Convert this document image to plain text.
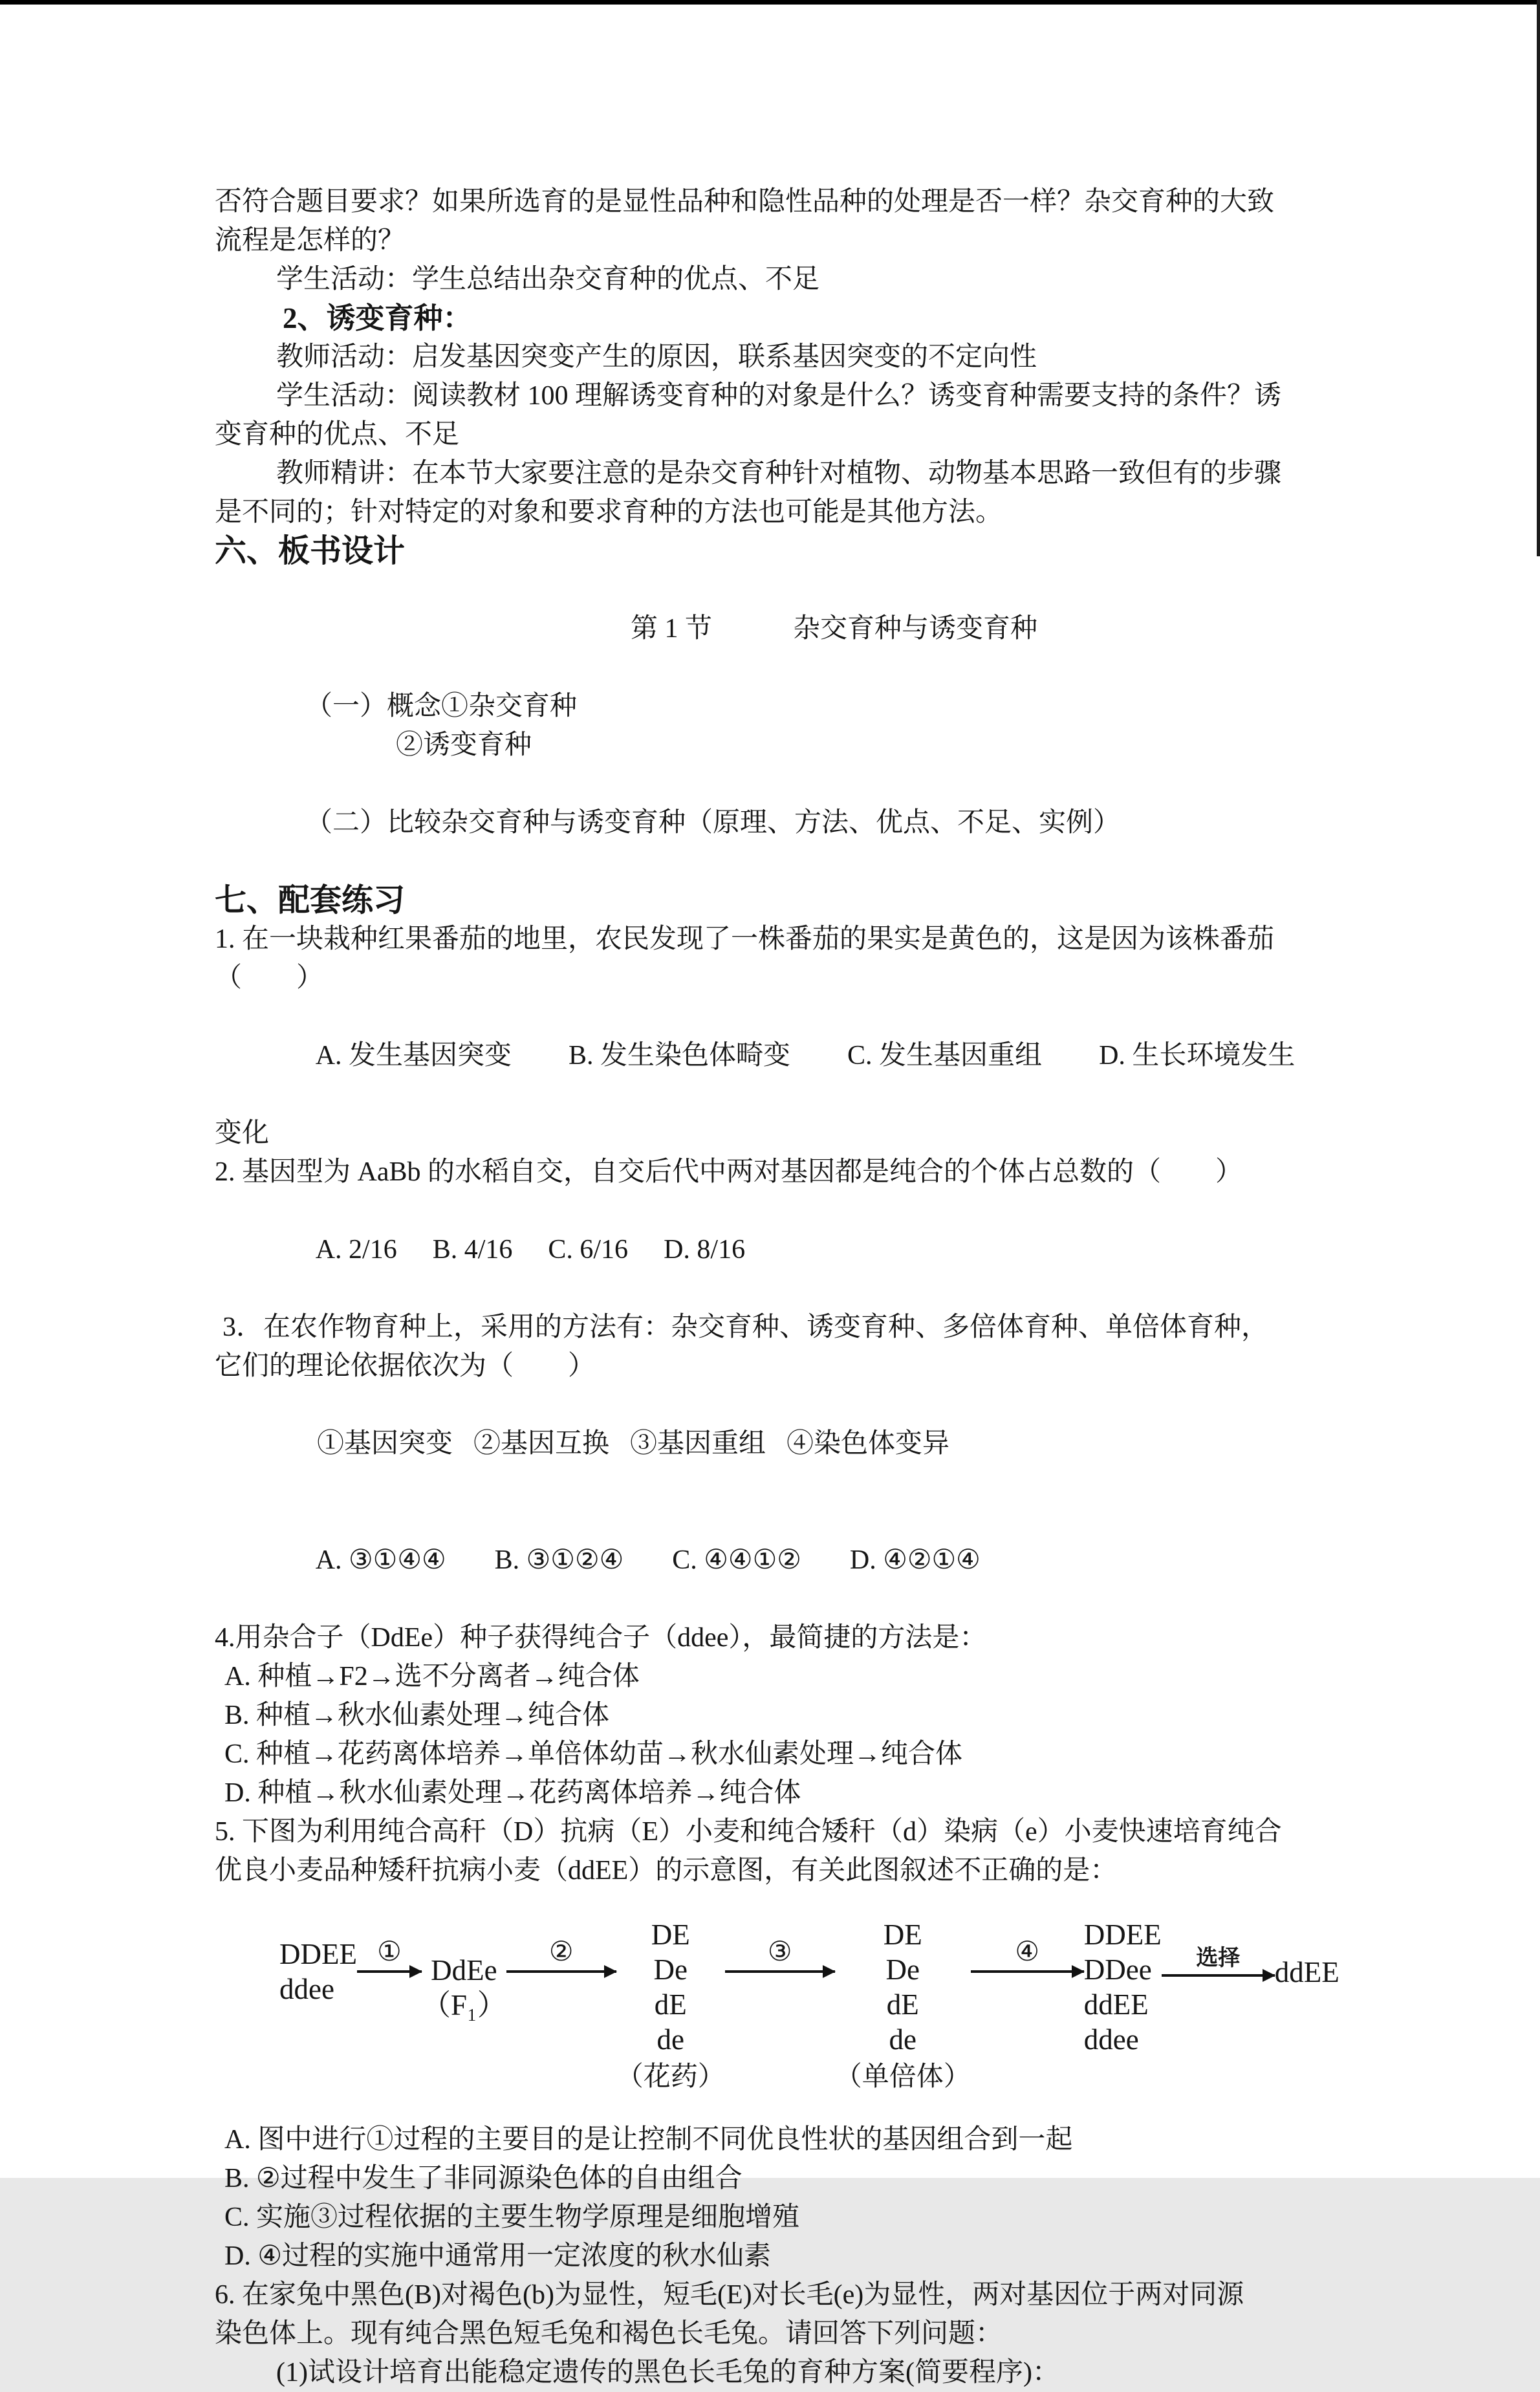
否符合题目要求？如果所选育的是显性品种和隐性品种的处理是否一样？杂交育种的大致
流程是怎样的？
学生活动：学生总结出杂交育种的优点、不足
2、诱变育种：
教师活动：启发基因突变产生的原因，联系基因突变的不定向性
学生活动：阅读教材 100 理解诱变育种的对象是什么？诱变育种需要支持的条件？诱
变育种的优点、不足
教师精讲：在本节大家要注意的是杂交育种针对植物、动物基本思路一致但有的步骤
是不同的；针对特定的对象和要求育种的方法也可能是其他方法。
六、板书设计

第 1 节	杂交育种与诱变育种

（一）概念①杂交育种
②诱变育种
（二）比较杂交育种与诱变育种（原理、方法、优点、不足、实例）
七、配套练习
1. 在一块栽种红果番茄的地里，农民发现了一株番茄的果实是黄色的，这是因为该株番茄
（　　）

A. 发生基因突变 B. 发生染色体畸变 C. 发生基因重组 D. 生长环境发生

变化
2. 基因型为 AaBb 的水稻自交，自交后代中两对基因都是纯合的个体占总数的（　　）

A. 2/16 B. 4/16 C. 6/16 D. 8/16

3．在农作物育种上，采用的方法有：杂交育种、诱变育种、多倍体育种、单倍体育种，
它们的理论依据依次为（　　）

①基因突变 ②基因互换 ③基因重组 ④染色体变异

A. ③①④④ B. ③①②④ C. ④④①② D. ④②①④

4.用杂合子（DdEe）种子获得纯合子（ddee），最简捷的方法是：
A. 种植→F2→选不分离者→纯合体
B. 种植→秋水仙素处理→纯合体
C. 种植→花药离体培养→单倍体幼苗→秋水仙素处理→纯合体
D. 种植→秋水仙素处理→花药离体培养→纯合体
5. 下图为利用纯合高秆（D）抗病（E）小麦和纯合矮秆（d）染病（e）小麦快速培育纯合
优良小麦品种矮秆抗病小麦（ddEE）的示意图，有关此图叙述不正确的是：
DDEE
ddee
①
DdEe
（F₁）
②
DE
De
dE
de
（花药）
③
DE
De
dE
de
（单倍体）
④
DDEE
DDee
ddEE
ddee
选择 ddEE
A. 图中进行①过程的主要目的是让控制不同优良性状的基因组合到一起
B. ②过程中发生了非同源染色体的自由组合
C. 实施③过程依据的主要生物学原理是细胞增殖
D. ④过程的实施中通常用一定浓度的秋水仙素
6. 在家兔中黑色(B)对褐色(b)为显性，短毛(E)对长毛(e)为显性，两对基因位于两对同源
染色体上。现有纯合黑色短毛兔和褐色长毛兔。请回答下列问题：
(1)试设计培育出能稳定遗传的黑色长毛兔的育种方案(简要程序)：
